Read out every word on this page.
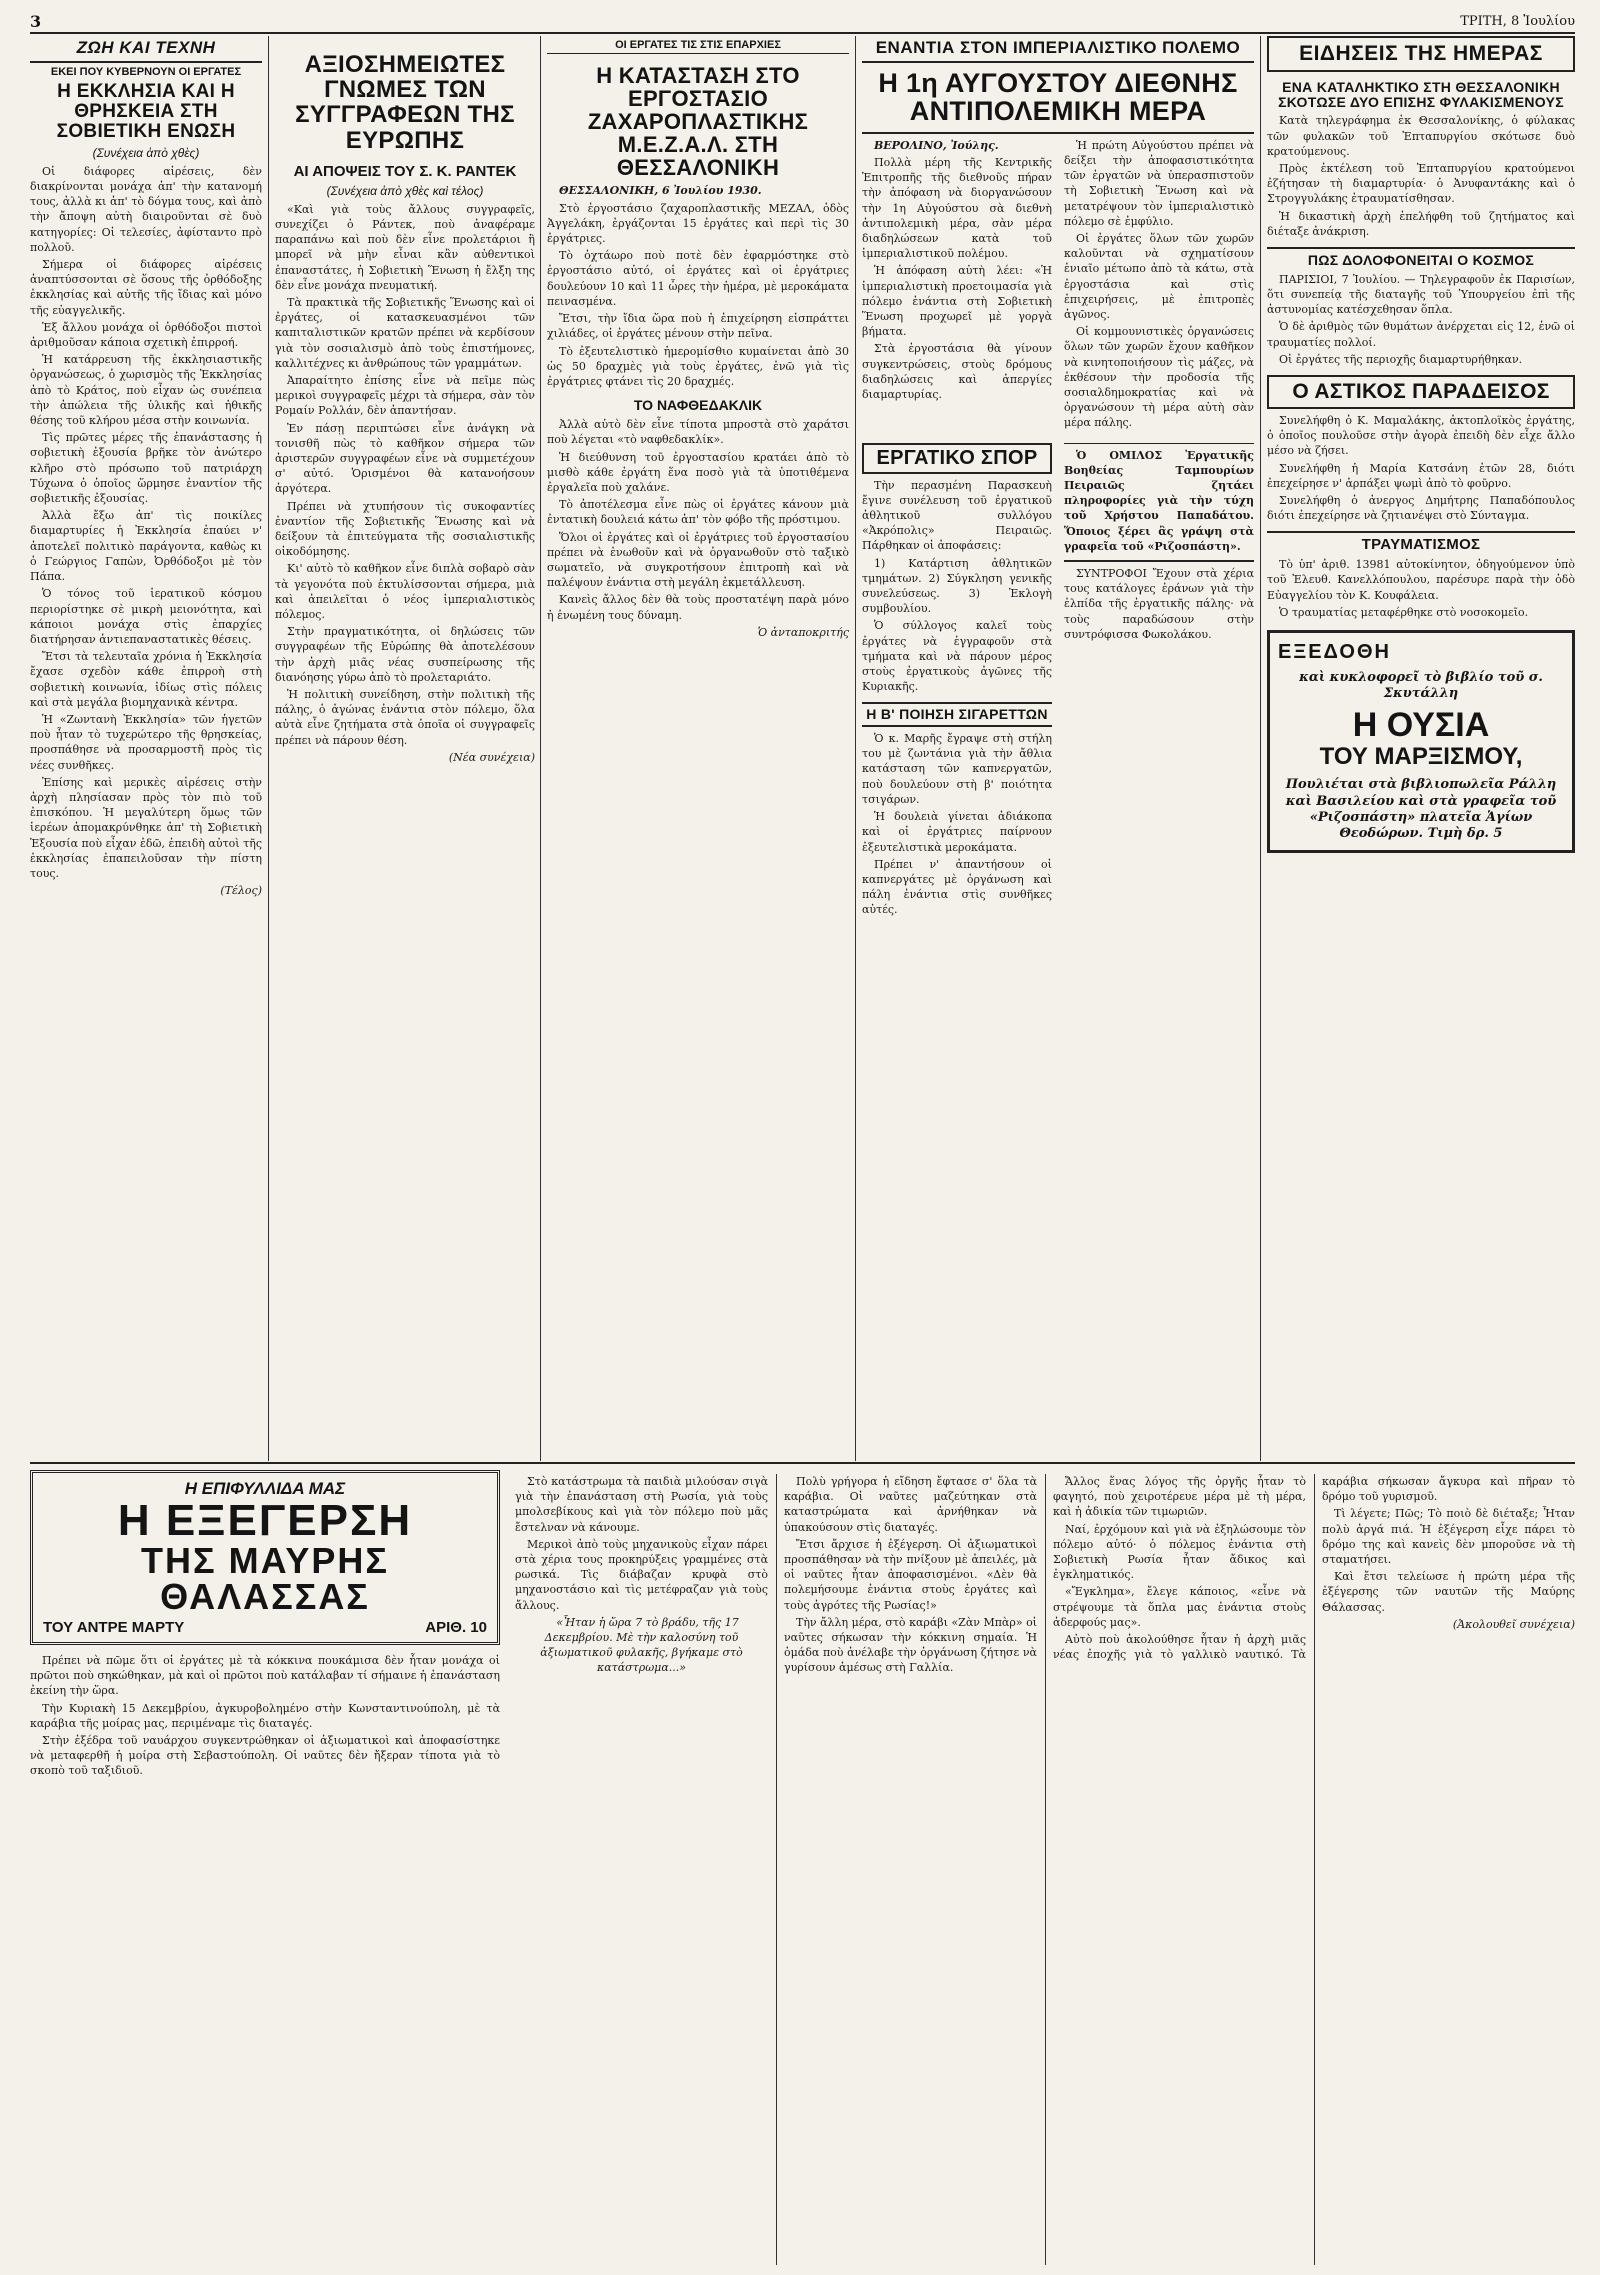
3	ΤΡΙΤΗ, 8 Ἰουλίου
ΖΩΗ ΚΑΙ ΤΕΧΝΗ
ΕΚΕΙ ΠΟΥ ΚΥΒΕΡΝΟΥΝ ΟΙ ΕΡΓΑΤΕΣ
Η ΕΚΚΛΗΣΙΑ ΚΑΙ Η ΘΡΗΣΚΕΙΑ ΣΤΗ ΣΟΒΙΕΤΙΚΗ ΕΝΩΣΗ
(Συνέχεια ἀπὸ χθὲς)

Οἱ διάφορες αἱρέσεις, δὲν διακρίνονται μονάχα ἀπ' τὴν κατανομή τους, ἀλλὰ κι ἀπ' τὸ δόγμα τους, καὶ ἀπὸ τὴν ἄποψη αὐτὴ διαιροῦνται σὲ δυὸ κατηγορίες: Οἱ τελεσίες, ἀφίσταντο πρὸ πολλοῦ.

Σήμερα οἱ διάφορες αἱρέσεις ἀναπτύσσονται σὲ ὅσους τῆς ὀρθόδοξης ἐκκλησίας καὶ αὐτῆς τῆς ἴδιας καὶ μόνο τῆς εὐαγγελικῆς.

Ἐξ ἄλλου μονάχα οἱ ὀρθόδοξοι πιστοὶ ἀριθμοῦσαν κάποια σχετικὴ ἐπιρροή.

Ἡ κατάρρευση τῆς ἐκκλησιαστικῆς ὀργανώσεως, ὁ χωρισμὸς τῆς Ἐκκλησίας ἀπὸ τὸ Κράτος, ποὺ εἶχαν ὡς συνέπεια τὴν ἀπώλεια τῆς ὑλικῆς καὶ ἠθικῆς θέσης τοῦ κλήρου μέσα στὴν κοινωνία.

Τὶς πρῶτες μέρες τῆς ἐπανάστασης ἡ σοβιετικὴ ἐξουσία βρῆκε τὸν ἀνώτερο κλῆρο στὸ πρόσωπο τοῦ πατριάρχη Τύχωνα ὁ ὁποῖος ὥρμησε ἐναντίον τῆς σοβιετικῆς ἐξουσίας.

Ἀλλὰ ἔξω ἀπ' τὶς ποικίλες διαμαρτυρίες ἡ Ἐκκλησία ἐπαύει ν' ἀποτελεῖ πολιτικὸ παράγοντα, καθὼς κι ὁ Γεώργιος Γαπὼν, Ὀρθόδοξοι μὲ τὸν Πάπα.

Ὁ τόνος τοῦ ἱερατικοῦ κόσμου περιορίστηκε σὲ μικρὴ μειονότητα, καὶ κάποιοι μονάχα στὶς ἐπαρχίες διατήρησαν ἀντιεπαναστατικὲς θέσεις.

Ἔτσι τὰ τελευταῖα χρόνια ἡ Ἐκκλησία ἔχασε σχεδὸν κάθε ἐπιρροὴ στὴ σοβιετικὴ κοινωνία, ἰδίως στὶς πόλεις καὶ στὰ μεγάλα βιομηχανικὰ κέντρα.

Ἡ «Ζωντανὴ Ἐκκλησία» τῶν ἡγετῶν ποὺ ἦταν τὸ τυχερώτερο τῆς θρησκείας, προσπάθησε νὰ προσαρμοστῆ πρὸς τὶς νέες συνθῆκες.

Ἐπίσης καὶ μερικὲς αἱρέσεις στὴν ἀρχὴ πλησίασαν πρὸς τὸν πιὸ τοῦ ἐπισκόπου. Ἡ μεγαλύτερη ὅμως τῶν ἱερέων ἀπομακρύνθηκε ἀπ' τὴ Σοβιετικὴ Ἐξουσία ποὺ εἶχαν ἐδῶ, ἐπειδὴ αὐτοὶ τῆς ἐκκλησίας ἐπαπειλοῦσαν τὴν πίστη τους.

(Τέλος)

ΑΞΙΟΣΗΜΕΙΩΤΕΣ ΓΝΩΜΕΣ ΤΩΝ ΣΥΓΓΡΑΦΕΩΝ ΤΗΣ ΕΥΡΩΠΗΣ
ΑΙ ΑΠΟΨΕΙΣ ΤΟΥ Σ. Κ. ΡΑΝΤΕΚ
(Συνέχεια ἀπὸ χθὲς καὶ τέλος)

«Καὶ γιὰ τοὺς ἄλλους συγγραφεῖς, συνεχίζει ὁ Ράντεκ, ποὺ ἀναφέραμε παραπάνω καὶ ποὺ δὲν εἶνε προλετάριοι ἢ μπορεῖ νὰ μὴν εἶναι κἂν αὐθεντικοὶ ἐπαναστάτες, ἡ Σοβιετικὴ Ἕνωση ἡ ἔλξη της δὲν εἶνε μονάχα πνευματική.

Τὰ πρακτικὰ τῆς Σοβιετικῆς Ἕνωσης καὶ οἱ ἐργάτες, οἱ κατασκευασμένοι τῶν καπιταλιστικῶν κρατῶν πρέπει νὰ κερδίσουν γιὰ τὸν σοσιαλισμὸ ἀπὸ τοὺς ἐπιστήμονες, καλλιτέχνες κι ἀνθρώπους τῶν γραμμάτων.

Ἀπαραίτητο ἐπίσης εἶνε νὰ πεῖμε πὼς μερικοὶ συγγραφεῖς μέχρι τὰ σήμερα, σὰν τὸν Ρομαίν Ρολλάν, δὲν ἀπαντήσαν.

Ἐν πάσῃ περιπτώσει εἶνε ἀνάγκη νὰ τονισθῆ πὼς τὸ καθῆκον σήμερα τῶν ἀριστερῶν συγγραφέων εἶνε νὰ συμμετέχουν σ' αὐτό. Ὁρισμένοι θὰ κατανοήσουν ἀργότερα.

Πρέπει νὰ χτυπήσουν τὶς συκοφαντίες ἐναντίον τῆς Σοβιετικῆς Ἕνωσης καὶ νὰ δείξουν τὰ ἐπιτεύγματα τῆς σοσιαλιστικῆς οἰκοδόμησης.

Κι' αὐτὸ τὸ καθῆκον εἶνε διπλὰ σοβαρὸ σὰν τὰ γεγονότα ποὺ ἐκτυλίσσονται σήμερα, μιὰ καὶ ἀπειλεῖται ὁ νέος ἱμπεριαλιστικὸς πόλεμος.

Στὴν πραγματικότητα, οἱ δηλώσεις τῶν συγγραφέων τῆς Εὐρώπης θὰ ἀποτελέσουν τὴν ἀρχὴ μιᾶς νέας συσπείρωσης τῆς διανόησης γύρω ἀπὸ τὸ προλεταριάτο.

Ἡ πολιτικὴ συνείδηση, στὴν πολιτικὴ τῆς πάλης, ὁ ἀγώνας ἐνάντια στὸν πόλεμο, ὅλα αὐτὰ εἶνε ζητήματα στὰ ὁποῖα οἱ συγγραφεῖς πρέπει νὰ πάρουν θέση.

(Νέα συνέχεια)

ΟΙ ΕΡΓΑΤΕΣ ΤΙΣ ΣΤΙΣ ΕΠΑΡΧΙΕΣ
Η ΚΑΤΑΣΤΑΣΗ ΣΤΟ ΕΡΓΟΣΤΑΣΙΟ ΖΑΧΑΡΟΠΛΑΣΤΙΚΗΣ Μ.Ε.Ζ.Α.Λ. ΣΤΗ ΘΕΣΣΑΛΟΝΙΚΗ

ΘΕΣΣΑΛΟΝΙΚΗ, 6 Ἰουλίου 1930.

Στὸ ἐργοστάσιο ζαχαροπλαστικῆς ΜΕΖΑΛ, ὁδὸς Ἀγγελάκη, ἐργάζονται 15 ἐργάτες καὶ περὶ τὶς 30 ἐργάτριες.

Τὸ ὀχτάωρο ποὺ ποτὲ δὲν ἐφαρμόστηκε στὸ ἐργοστάσιο αὐτό, οἱ ἐργάτες καὶ οἱ ἐργάτριες δουλεύουν 10 καὶ 11 ὧρες τὴν ἡμέρα, μὲ μεροκάματα πεινασμένα.

Ἔτσι, τὴν ἴδια ὥρα ποὺ ἡ ἐπιχείρηση εἰσπράττει χιλιάδες, οἱ ἐργάτες μένουν στὴν πεῖνα.

Τὸ ἐξευτελιστικὸ ἡμερομίσθιο κυμαίνεται ἀπὸ 30 ὡς 50 δραχμὲς γιὰ τοὺς ἐργάτες, ἐνῶ γιὰ τὶς ἐργάτριες φτάνει τὶς 20 δραχμές.

ΤΟ ΝΑΦΘΕΔΑΚΛΙΚ

Ἀλλὰ αὐτὸ δὲν εἶνε τίποτα μπροστὰ στὸ χαράτσι ποὺ λέγεται «τὸ ναφθεδακλίκ».

Ἡ διεύθυνση τοῦ ἐργοστασίου κρατάει ἀπὸ τὸ μισθὸ κάθε ἐργάτη ἕνα ποσὸ γιὰ τὰ ὑποτιθέμενα ἐργαλεῖα ποὺ χαλάνε.

Τὸ ἀποτέλεσμα εἶνε πὼς οἱ ἐργάτες κάνουν μιὰ ἐντατικὴ δουλειά κάτω ἀπ' τὸν φόβο τῆς πρόστιμου.

Ὅλοι οἱ ἐργάτες καὶ οἱ ἐργάτριες τοῦ ἐργοστασίου πρέπει νὰ ἑνωθοῦν καὶ νὰ ὀργανωθοῦν στὸ ταξικὸ σωματεῖο, νὰ συγκροτήσουν ἐπιτροπὴ καὶ νὰ παλέψουν ἐνάντια στὴ μεγάλη ἐκμετάλλευση.

Κανεὶς ἄλλος δὲν θὰ τοὺς προστατέψη παρὰ μόνο ἡ ἑνωμένη τους δύναμη.

Ὁ ἀνταποκριτής

ΕΝΑΝΤΙΑ ΣΤΟΝ ΙΜΠΕΡΙΑΛΙΣΤΙΚΟ ΠΟΛΕΜΟ
Η 1η ΑΥΓΟΥΣΤΟΥ ΔΙΕΘΝΗΣ ΑΝΤΙΠΟΛΕΜΙΚΗ ΜΕΡΑ

ΒΕΡΟΛΙΝΟ, Ἰούλης.

Πολλὰ μέρη τῆς Κεντρικῆς Ἐπιτροπῆς τῆς διεθνοῦς πήραν τὴν ἀπόφαση νὰ διοργανώσουν τὴν 1η Αὐγούστου σὰ διεθνὴ ἀντιπολεμικὴ μέρα, σὰν μέρα διαδηλώσεων κατὰ τοῦ ἱμπεριαλιστικοῦ πολέμου.

Ἡ ἀπόφαση αὐτὴ λέει: «Ἡ ἱμπεριαλιστικὴ προετοιμασία γιὰ πόλεμο ἐνάντια στὴ Σοβιετικὴ Ἕνωση προχωρεῖ μὲ γοργὰ βήματα.

Στὰ ἐργοστάσια θὰ γίνουν συγκεντρώσεις, στοὺς δρόμους διαδηλώσεις καὶ ἀπεργίες διαμαρτυρίας.

Ἡ πρώτη Αὐγούστου πρέπει νὰ δείξει τὴν ἀποφασιστικότητα τῶν ἐργατῶν νὰ ὑπερασπιστοῦν τὴ Σοβιετικὴ Ἕνωση καὶ νὰ μετατρέψουν τὸν ἱμπεριαλιστικὸ πόλεμο σὲ ἐμφύλιο.

Οἱ ἐργάτες ὅλων τῶν χωρῶν καλοῦνται νὰ σχηματίσουν ἑνιαῖο μέτωπο ἀπὸ τὰ κάτω, στὰ ἐργοστάσια καὶ στὶς ἐπιχειρήσεις, μὲ ἐπιτροπὲς ἀγῶνος.

Οἱ κομμουνιστικὲς ὀργανώσεις ὅλων τῶν χωρῶν ἔχουν καθῆκον νὰ κινητοποιήσουν τὶς μάζες, νὰ ἐκθέσουν τὴν προδοσία τῆς σοσιαλδημοκρατίας καὶ νὰ ὀργανώσουν τὴ μέρα αὐτὴ σὰν μέρα πάλης.

ΕΡΓΑΤΙΚΟ ΣΠΟΡ

Τὴν περασμένη Παρασκευὴ ἔγινε συνέλευση τοῦ ἐργατικοῦ ἀθλητικοῦ συλλόγου «Ἀκρόπολις» Πειραιῶς. Πάρθηκαν οἱ ἀποφάσεις:

1) Κατάρτιση ἀθλητικῶν τμημάτων. 2) Σύγκληση γενικῆς συνελεύσεως. 3) Ἐκλογὴ συμβουλίου.

Ὁ σύλλογος καλεῖ τοὺς ἐργάτες νὰ ἐγγραφοῦν στὰ τμήματα καὶ νὰ πάρουν μέρος στοὺς ἐργατικοὺς ἀγῶνες τῆς Κυριακῆς.

Η Β' ΠΟΙΗΣΗ ΣΙΓΑΡΕΤΤΩΝ

Ὁ κ. Μαρῆς ἔγραψε στὴ στήλη του μὲ ζωντάνια γιὰ τὴν ἄθλια κατάσταση τῶν καπνεργατῶν, ποὺ δουλεύουν στὴ β' ποιότητα τσιγάρων.

Ἡ δουλειὰ γίνεται ἀδιάκοπα καὶ οἱ ἐργάτριες παίρνουν ἐξευτελιστικὰ μεροκάματα.

Πρέπει ν' ἀπαντήσουν οἱ καπνεργάτες μὲ ὀργάνωση καὶ πάλη ἐνάντια στὶς συνθῆκες αὐτές.

Ὁ ΟΜΙΛΟΣ Ἐργατικῆς Βοηθείας Ταμπουρίων Πειραιῶς ζητάει πληροφορίες γιὰ τὴν τύχη τοῦ Χρήστου Παπαδάτου. Ὅποιος ξέρει ἂς γράψη στὰ γραφεῖα τοῦ «Ριζοσπάστη».

ΣΥΝΤΡΟΦΟΙ Ἔχουν στὰ χέρια τους κατάλογες ἐράνων γιὰ τὴν ἐλπίδα τῆς ἐργατικῆς πάλης· νὰ τοὺς παραδώσουν στὴν συντρόφισσα Φωκολάκου.

ΕΙΔΗΣΕΙΣ ΤΗΣ ΗΜΕΡΑΣ
ΕΝΑ ΚΑΤΑΛΗΚΤΙΚΟ ΣΤΗ ΘΕΣΣΑΛΟΝΙΚΗ ΣΚΟΤΩΣΕ ΔΥΟ ΕΠΙΣΗΣ ΦΥΛΑΚΙΣΜΕΝΟΥΣ

Κατὰ τηλεγράφημα ἐκ Θεσσαλονίκης, ὁ φύλακας τῶν φυλακῶν τοῦ Ἐπταπυργίου σκότωσε δυὸ κρατούμενους.

Πρὸς ἐκτέλεση τοῦ Ἐπταπυργίου κρατούμενοι ἐζήτησαν τὴ διαμαρτυρία· ὁ Ἀνυφαντάκης καὶ ὁ Στρογγυλάκης ἐτραυματίσθησαν.

Ἡ δικαστικὴ ἀρχὴ ἐπελήφθη τοῦ ζητήματος καὶ διέταξε ἀνάκριση.

ΠΩΣ ΔΟΛΟΦΟΝΕΙΤΑΙ Ο ΚΟΣΜΟΣ

ΠΑΡΙΣΙΟΙ, 7 Ἰουλίου. — Τηλεγραφοῦν ἐκ Παρισίων, ὅτι συνεπείᾳ τῆς διαταγῆς τοῦ Ὑπουργείου ἐπὶ τῆς ἀστυνομίας κατέσχεθησαν ὅπλα.

Ὁ δὲ ἀριθμὸς τῶν θυμάτων ἀνέρχεται εἰς 12, ἐνῶ οἱ τραυματίες πολλοί.

Οἱ ἐργάτες τῆς περιοχῆς διαμαρτυρήθηκαν.

Ο ΑΣΤΙΚΟΣ ΠΑΡΑΔΕΙΣΟΣ

Συνελήφθη ὁ Κ. Μαμαλάκης, ἀκτοπλοϊκὸς ἐργάτης, ὁ ὁποῖος πουλοῦσε στὴν ἀγορὰ ἐπειδὴ δὲν εἶχε ἄλλο μέσο νὰ ζήσει.

Συνελήφθη ἡ Μαρία Κατσάνη ἐτῶν 28, διότι ἐπεχείρησε ν' ἁρπάξει ψωμὶ ἀπὸ τὸ φοῦρνο.

Συνελήφθη ὁ ἀνεργος Δημήτρης Παπαδόπουλος διότι ἐπεχείρησε νὰ ζητιανέψει στὸ Σύνταγμα.

ΤΡΑΥΜΑΤΙΣΜΟΣ

Τὸ ὑπ' ἀριθ. 13981 αὐτοκίνητον, ὁδηγούμενον ὑπὸ τοῦ Ἐλευθ. Κανελλόπουλου, παρέσυρε παρὰ τὴν ὁδὸ Εὐαγγελίου τὸν Κ. Κουφάλεια.

Ὁ τραυματίας μεταφέρθηκε στὸ νοσοκομεῖο.

ΕΞΕΔΟΘΗ
καὶ κυκλοφορεῖ τὸ βιβλίο τοῦ σ. Σκυτάλλη
Η ΟΥΣΙΑ
ΤΟΥ ΜΑΡΞΙΣΜΟΥ,
Πουλιέται στὰ βιβλιοπωλεῖα Ράλλη καὶ Βασιλείου καὶ στὰ γραφεῖα τοῦ «Ριζοσπάστη» πλατεῖα Ἁγίων Θεοδώρων. Τιμὴ δρ. 5
Η ΕΠΙΦΥΛΛΙΔΑ ΜΑΣ
Η ΕΞΕΓΕΡΣΗ
ΤΗΣ ΜΑΥΡΗΣ ΘΑΛΑΣΣΑΣ
ΤΟΥ ΑΝΤΡΕ ΜΑΡΤΥ	ΑΡΙΘ. 10

Πρέπει νὰ πῶμε ὅτι οἱ ἐργάτες μὲ τὰ κόκκινα πουκάμισα δὲν ἦταν μονάχα οἱ πρῶτοι ποὺ σηκώθηκαν, μὰ καὶ οἱ πρῶτοι ποὺ κατάλαβαν τί σήμαινε ἡ ἐπανάσταση ἐκείνη τὴν ὥρα.

Τὴν Κυριακὴ 15 Δεκεμβρίου, ἀγκυροβολημένο στὴν Κωνσταντινούπολη, μὲ τὰ καράβια τῆς μοίρας μας, περιμέναμε τὶς διαταγές.

Στὴν ἐξέδρα τοῦ ναυάρχου συγκεντρώθηκαν οἱ ἀξιωματικοὶ καὶ ἀποφασίστηκε νὰ μεταφερθῆ ἡ μοίρα στὴ Σεβαστούπολη. Οἱ ναῦτες δὲν ἤξεραν τίποτα γιὰ τὸ σκοπὸ τοῦ ταξιδιοῦ.

Στὸ κατάστρωμα τὰ παιδιὰ μιλούσαν σιγὰ γιὰ τὴν ἐπανάσταση στὴ Ρωσία, γιὰ τοὺς μπολσεβίκους καὶ γιὰ τὸν πόλεμο ποὺ μᾶς ἔστελναν νὰ κάνουμε.

Μερικοὶ ἀπὸ τοὺς μηχανικοὺς εἶχαν πάρει στὰ χέρια τους προκηρύξεις γραμμένες στὰ ρωσικά. Τὶς διάβαζαν κρυφὰ στὸ μηχανοστάσιο καὶ τὶς μετέφραζαν γιὰ τοὺς ἄλλους.

«Ἦταν ἡ ὥρα 7 τὸ βράδυ, τῆς 17 Δεκεμβρίου. Μὲ τὴν καλοσύνη τοῦ ἀξιωματικοῦ φυλακῆς, βγήκαμε στὸ κατάστρωμα...»

Πολὺ γρήγορα ἡ εἴδηση ἔφτασε σ' ὅλα τὰ καράβια. Οἱ ναῦτες μαζεύτηκαν στὰ καταστρώματα καὶ ἀρνήθηκαν νὰ ὑπακούσουν στὶς διαταγές.

Ἔτσι ἄρχισε ἡ ἐξέγερση. Οἱ ἀξιωματικοὶ προσπάθησαν νὰ τὴν πνίξουν μὲ ἀπειλές, μὰ οἱ ναῦτες ἦταν ἀποφασισμένοι. «Δὲν θὰ πολεμήσουμε ἐνάντια στοὺς ἐργάτες καὶ τοὺς ἀγρότες τῆς Ρωσίας!»

Τὴν ἄλλη μέρα, στὸ καράβι «Ζὰν Μπὰρ» οἱ ναῦτες σήκωσαν τὴν κόκκινη σημαία. Ἡ ὁμάδα ποὺ ἀνέλαβε τὴν ὀργάνωση ζήτησε νὰ γυρίσουν ἀμέσως στὴ Γαλλία.

Ἄλλος ἕνας λόγος τῆς ὀργῆς ἦταν τὸ φαγητό, ποὺ χειροτέρευε μέρα μὲ τὴ μέρα, καὶ ἡ ἀδικία τῶν τιμωριῶν.

Ναί, ἐρχόμουν καὶ γιὰ νὰ ἐξηλώσουμε τὸν πόλεμο αὐτό· ὁ πόλεμος ἐνάντια στὴ Σοβιετικὴ Ρωσία ἦταν ἄδικος καὶ ἐγκληματικός.

«Ἔγκλημα», ἔλεγε κάποιος, «εἶνε νὰ στρέψουμε τὰ ὅπλα μας ἐνάντια στοὺς ἀδερφούς μας».

Αὐτὸ ποὺ ἀκολούθησε ἦταν ἡ ἀρχὴ μιᾶς νέας ἐποχῆς γιὰ τὸ γαλλικὸ ναυτικό. Τὰ καράβια σήκωσαν ἄγκυρα καὶ πῆραν τὸ δρόμο τοῦ γυρισμοῦ.

Τὶ λέγετε; Πῶς; Τὸ ποιὸ δὲ διέταξε; Ἦταν πολὺ ἀργά πιά. Ἡ ἐξέγερση εἶχε πάρει τὸ δρόμο της καὶ κανεὶς δὲν μποροῦσε νὰ τὴ σταματήσει.

Καὶ ἔτσι τελείωσε ἡ πρώτη μέρα τῆς ἐξέγερσης τῶν ναυτῶν τῆς Μαύρης Θάλασσας.

(Ἀκολουθεῖ συνέχεια)
